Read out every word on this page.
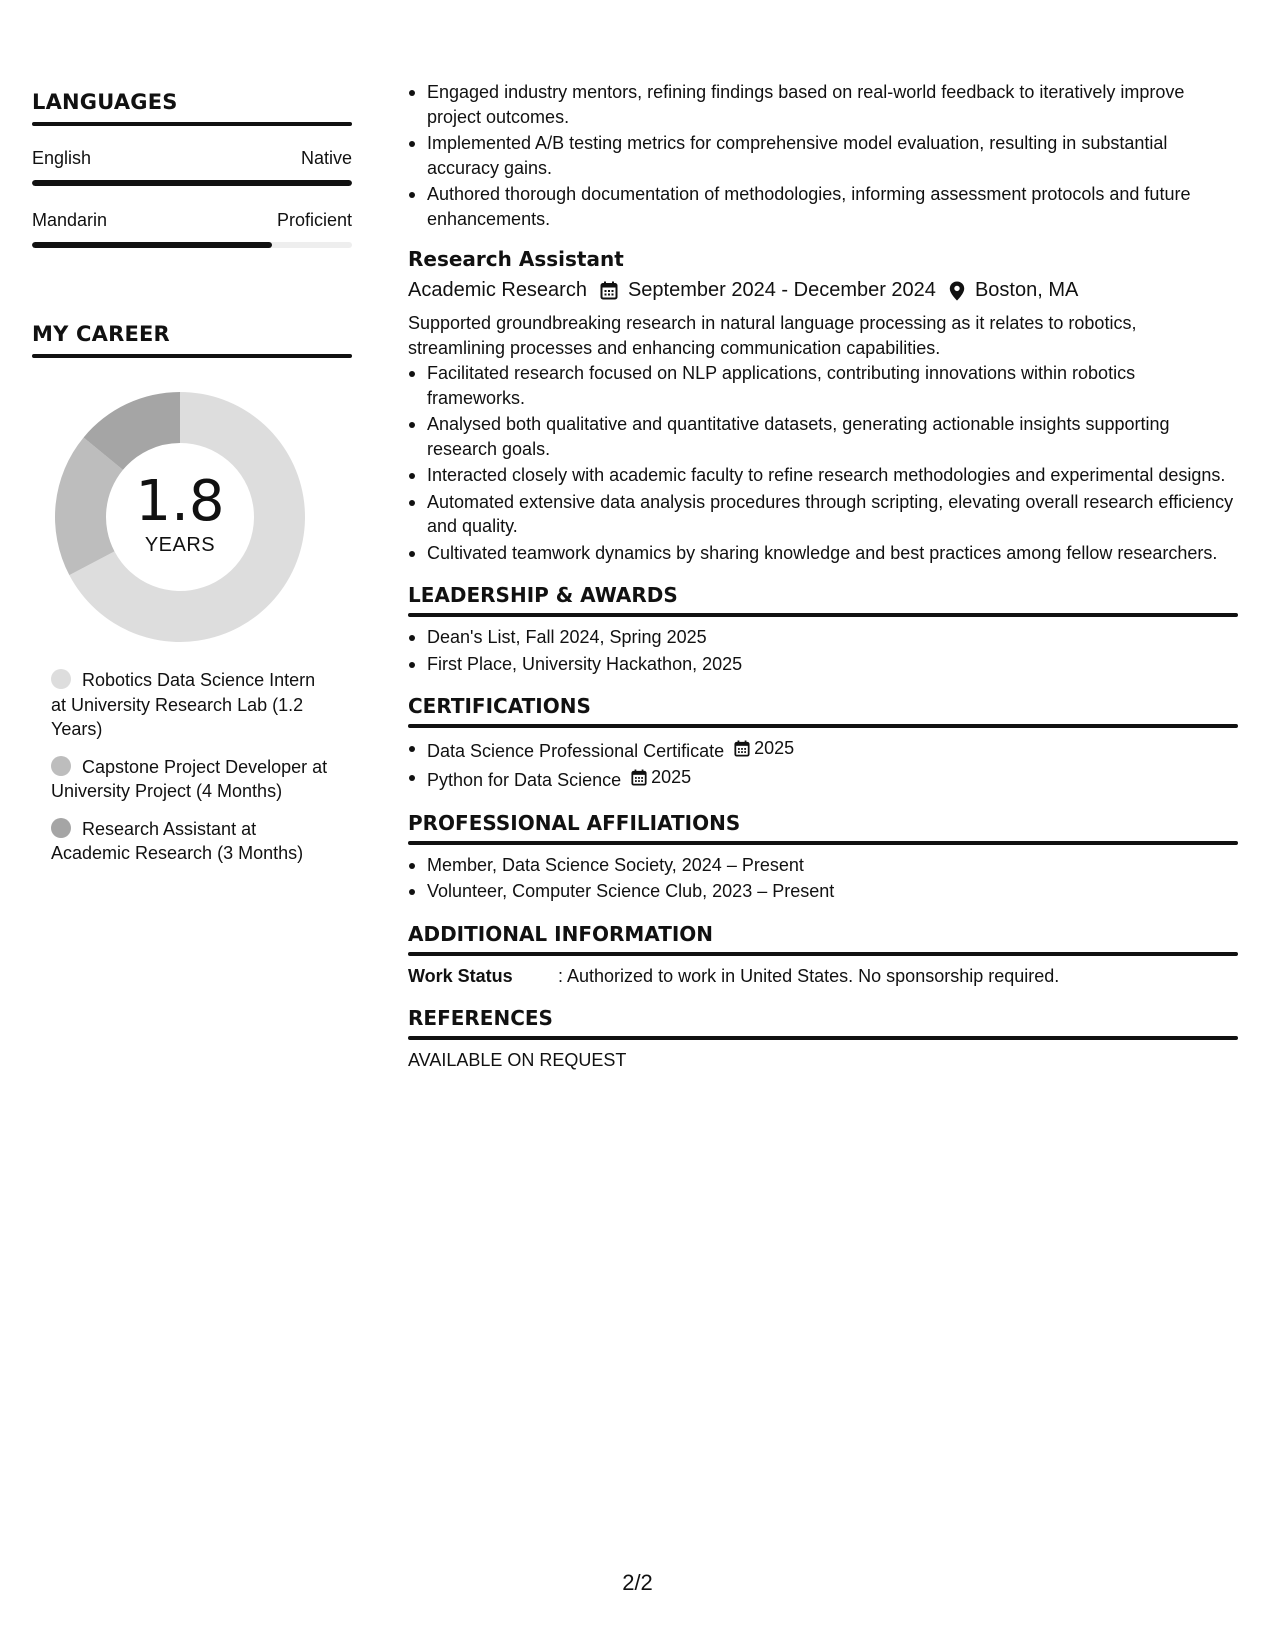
LANGUAGES
English	Native
Mandarin	Proficient
MY CAREER
1.8
YEARS
Robotics Data Science Intern at University Research Lab (1.2 Years)
Capstone Project Developer at University Project (4 Months)
Research Assistant at Academic Research (3 Months)
Engaged industry mentors, refining findings based on real-world feedback to iteratively improve project outcomes.
Implemented A/B testing metrics for comprehensive model evaluation, resulting in substantial accuracy gains.
Authored thorough documentation of methodologies, informing assessment protocols and future enhancements.
Research Assistant
Academic Research September 2024 - December 2024 Boston, MA
Supported groundbreaking research in natural language processing as it relates to robotics, streamlining processes and enhancing communication capabilities.
Facilitated research focused on NLP applications, contributing innovations within robotics frameworks.
Analysed both qualitative and quantitative datasets, generating actionable insights supporting research goals.
Interacted closely with academic faculty to refine research methodologies and experimental designs.
Automated extensive data analysis procedures through scripting, elevating overall research efficiency and quality.
Cultivated teamwork dynamics by sharing knowledge and best practices among fellow researchers.
LEADERSHIP & AWARDS
Dean's List, Fall 2024, Spring 2025
First Place, University Hackathon, 2025
CERTIFICATIONS
Data Science Professional Certificate 2025
Python for Data Science 2025
PROFESSIONAL AFFILIATIONS
Member, Data Science Society, 2024 – Present
Volunteer, Computer Science Club, 2023 – Present
ADDITIONAL INFORMATION
Work Status	: Authorized to work in United States. No sponsorship required.
REFERENCES
AVAILABLE ON REQUEST
2/2
